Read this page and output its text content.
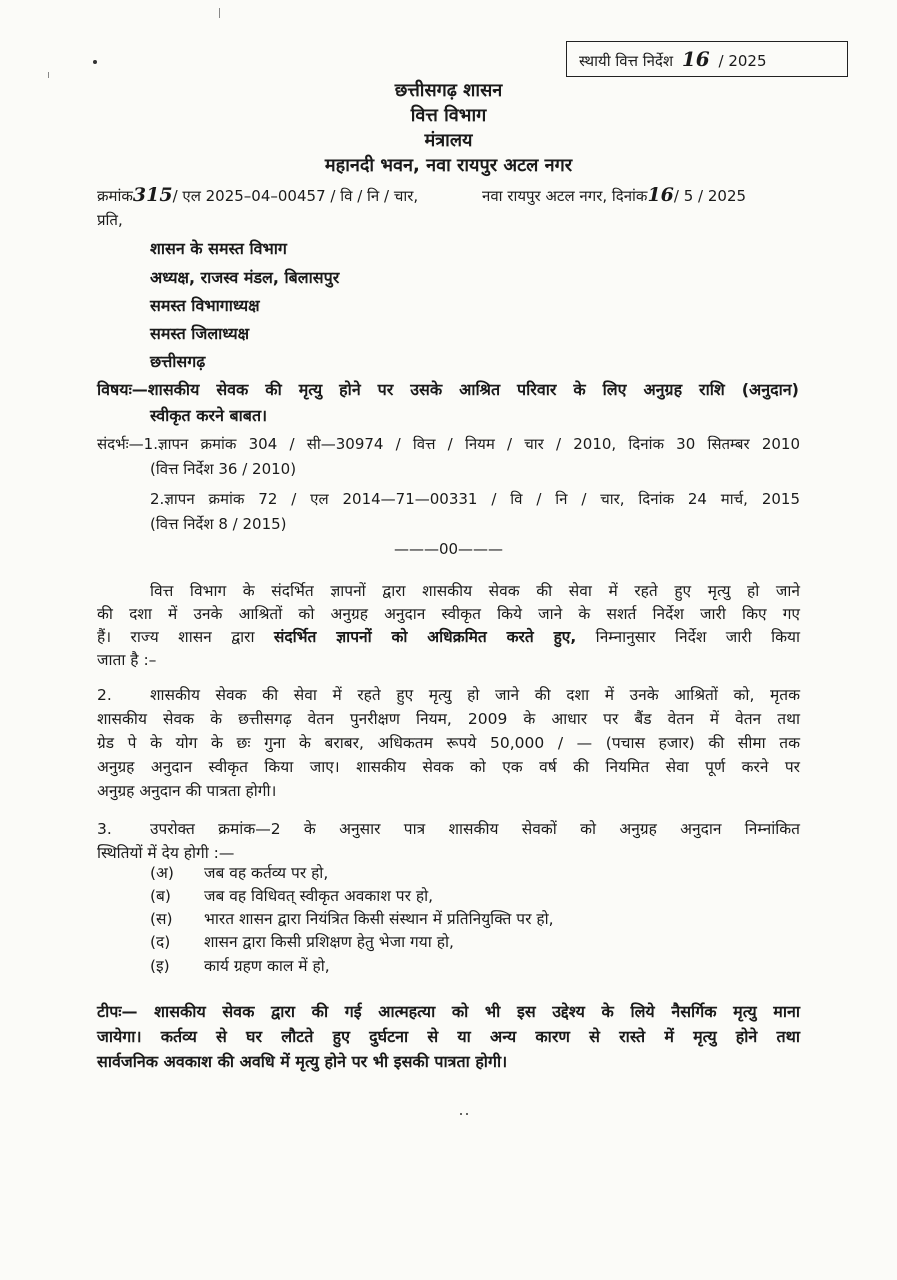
स्थायी वित्त निर्देश 16 / 2025
छत्तीसगढ़ शासन
वित्त विभाग
मंत्रालय
महानदी भवन, नवा रायपुर अटल नगर
क्रमांक315/ एल 2025–04–00457 / वि / नि / चार,	नवा रायपुर अटल नगर, दिनांक16/ 5 / 2025
प्रति,
शासन के समस्त विभाग
अध्यक्ष, राजस्व मंडल, बिलासपुर
समस्त विभागाध्यक्ष
समस्त जिलाध्यक्ष
छत्तीसगढ़
विषयः—शासकीय सेवक की मृत्यु होने पर उसके आश्रित परिवार के लिए अनुग्रह राशि (अनुदान)
स्वीकृत करने बाबत।
संदर्भः—1.ज्ञापन क्रमांक 304 / सी—30974 / वित्त / नियम / चार / 2010, दिनांक 30 सितम्बर 2010
(वित्त निर्देश 36 / 2010)
2.ज्ञापन क्रमांक 72 / एल 2014—71—00331 / वि / नि / चार, दिनांक 24 मार्च, 2015
(वित्त निर्देश 8 / 2015)
———00———
वित्त विभाग के संदर्भित ज्ञापनों द्वारा शासकीय सेवक की सेवा में रहते हुए मृत्यु हो जाने
की दशा में उनके आश्रितों को अनुग्रह अनुदान स्वीकृत किये जाने के सशर्त निर्देश जारी किए गए
हैं। राज्य शासन द्वारा संदर्भित ज्ञापनों को अधिक्रमित करते हुए, निम्नानुसार निर्देश जारी किया
जाता है :–
2. शासकीय सेवक की सेवा में रहते हुए मृत्यु हो जाने की दशा में उनके आश्रितों को, मृतक
शासकीय सेवक के छत्तीसगढ़ वेतन पुनरीक्षण नियम, 2009 के आधार पर बैंड वेतन में वेतन तथा
ग्रेड पे के योग के छः गुना के बराबर, अधिकतम रूपये 50,000 / — (पचास हजार) की सीमा तक
अनुग्रह अनुदान स्वीकृत किया जाए। शासकीय सेवक को एक वर्ष की नियमित सेवा पूर्ण करने पर
अनुग्रह अनुदान की पात्रता होगी।
3. उपरोक्त क्रमांक—2 के अनुसार पात्र शासकीय सेवकों को अनुग्रह अनुदान निम्नांकित
स्थितियों में देय होगी :—
(अ) जब वह कर्तव्य पर हो,
(ब) जब वह विधिवत् स्वीकृत अवकाश पर हो,
(स) भारत शासन द्वारा नियंत्रित किसी संस्थान में प्रतिनियुक्ति पर हो,
(द) शासन द्वारा किसी प्रशिक्षण हेतु भेजा गया हो,
(इ) कार्य ग्रहण काल में हो,
टीपः— शासकीय सेवक द्वारा की गई आत्महत्या को भी इस उद्देश्य के लिये नैसर्गिक मृत्यु माना
जायेगा। कर्तव्य से घर लौटते हुए दुर्घटना से या अन्य कारण से रास्ते में मृत्यु होने तथा
सार्वजनिक अवकाश की अवधि में मृत्यु होने पर भी इसकी पात्रता होगी।
